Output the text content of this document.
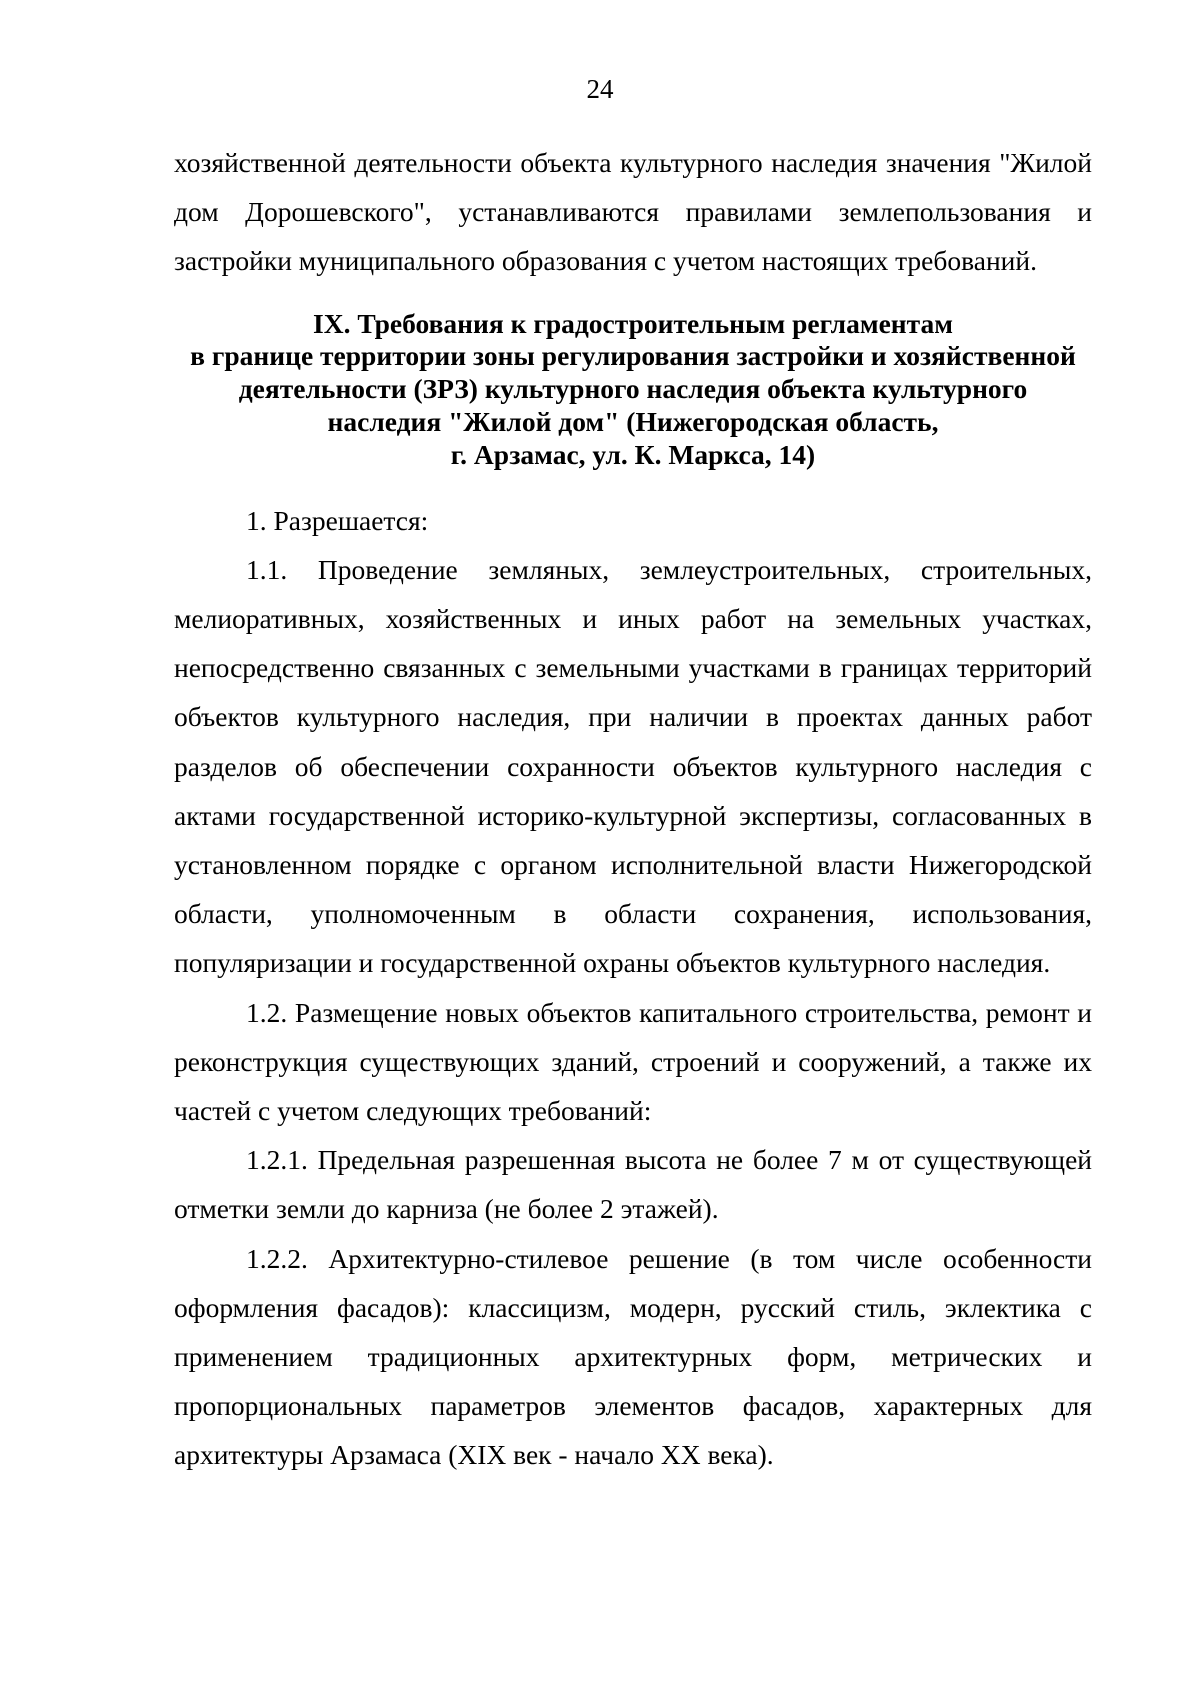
24

хозяйственной деятельности объекта культурного наследия значения "Жилой дом Дорошевского", устанавливаются правилами землепользования и застройки муниципального образования с учетом настоящих требований.

IX. Требования к градостроительным регламентам
в границе территории зоны регулирования застройки и хозяйственной
деятельности (ЗРЗ) культурного наследия объекта культурного
наследия "Жилой дом" (Нижегородская область,
г. Арзамас, ул. К. Маркса, 14)

1. Разрешается:

1.1. Проведение земляных, землеустроительных, строительных, мелиоративных, хозяйственных и иных работ на земельных участках, непосредственно связанных с земельными участками в границах территорий объектов культурного наследия, при наличии в проектах данных работ разделов об обеспечении сохранности объектов культурного наследия с актами государственной историко-культурной экспертизы, согласованных в установленном порядке с органом исполнительной власти Нижегородской области, уполномоченным в области сохранения, использования, популяризации и государственной охраны объектов культурного наследия.

1.2. Размещение новых объектов капитального строительства, ремонт и реконструкция существующих зданий, строений и сооружений, а также их частей с учетом следующих требований:

1.2.1. Предельная разрешенная высота не более 7 м от существующей отметки земли до карниза (не более 2 этажей).

1.2.2. Архитектурно-стилевое решение (в том числе особенности оформления фасадов): классицизм, модерн, русский стиль, эклектика с применением традиционных архитектурных форм, метрических и пропорциональных параметров элементов фасадов, характерных для архитектуры Арзамаса (XIX век - начало XX века).
